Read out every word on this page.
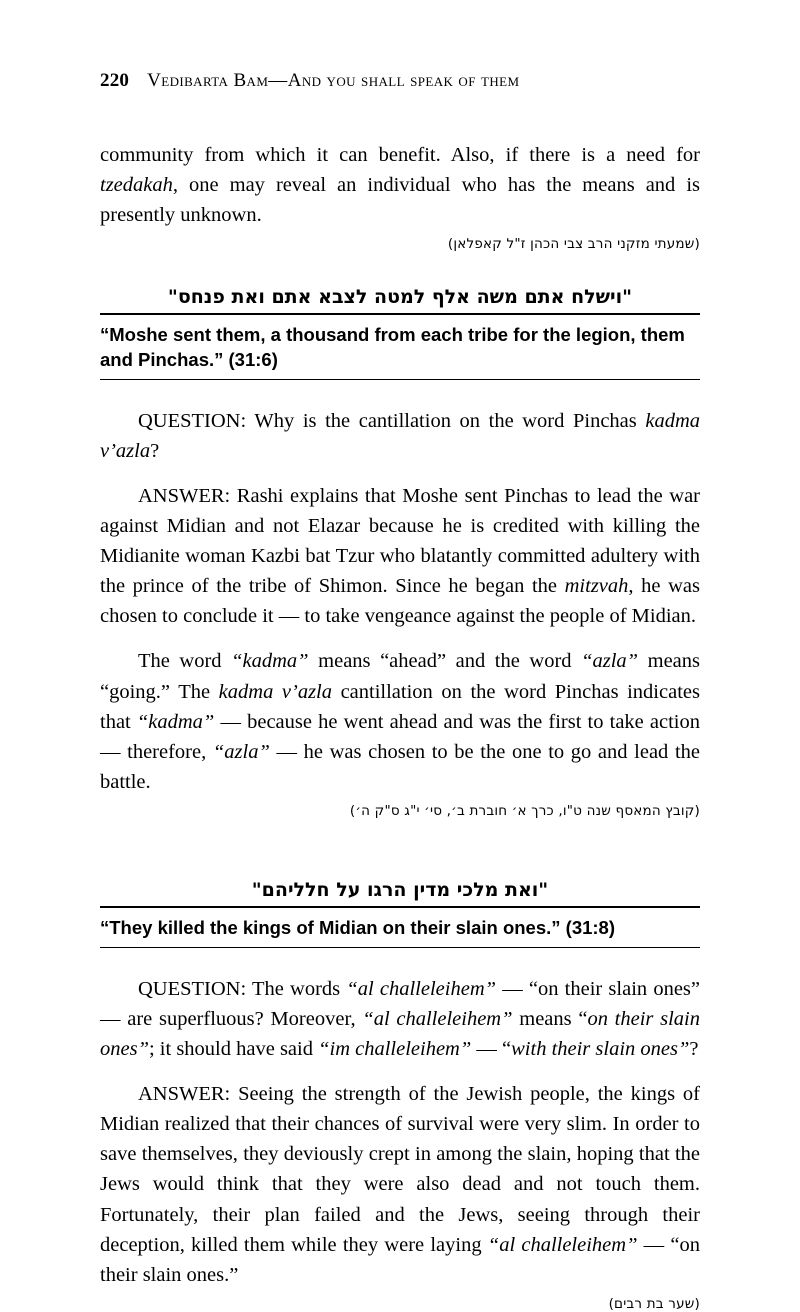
220 Vedibarta Bam—And you shall speak of them

community from which it can benefit. Also, if there is a need for tzedakah, one may reveal an individual who has the means and is presently unknown.

(שמעתי מזקני הרב צבי הכהן ז"ל קאפלאן)
"וישלח אתם משה אלף למטה לצבא אתם ואת פנחס"
“Moshe sent them, a thousand from each tribe for the legion, them and Pinchas.” (31:6)

QUESTION: Why is the cantillation on the word Pinchas kadma v’azla?

ANSWER: Rashi explains that Moshe sent Pinchas to lead the war against Midian and not Elazar because he is credited with killing the Midianite woman Kazbi bat Tzur who blatantly committed adultery with the prince of the tribe of Shimon. Since he began the mitzvah, he was chosen to conclude it — to take vengeance against the people of Midian.

The word “kadma” means “ahead” and the word “azla” means “going.” The kadma v’azla cantillation on the word Pinchas indicates that “kadma” — because he went ahead and was the first to take action — therefore, “azla” — he was chosen to be the one to go and lead the battle.

(קובץ המאסף שנה ט"ו, כרך א׳ חוברת ב׳, סי׳ י"ג ס"ק ה׳)
"ואת מלכי מדין הרגו על חלליהם"
“They killed the kings of Midian on their slain ones.” (31:8)

QUESTION: The words “al challeleihem” — “on their slain ones” — are superfluous? Moreover, “al challeleihem” means “on their slain ones”; it should have said “im challeleihem” — “with their slain ones”?

ANSWER: Seeing the strength of the Jewish people, the kings of Midian realized that their chances of survival were very slim. In order to save themselves, they deviously crept in among the slain, hoping that the Jews would think that they were also dead and not touch them. Fortunately, their plan failed and the Jews, seeing through their deception, killed them while they were laying “al challeleihem” — “on their slain ones.”

(שער בת רבים)
